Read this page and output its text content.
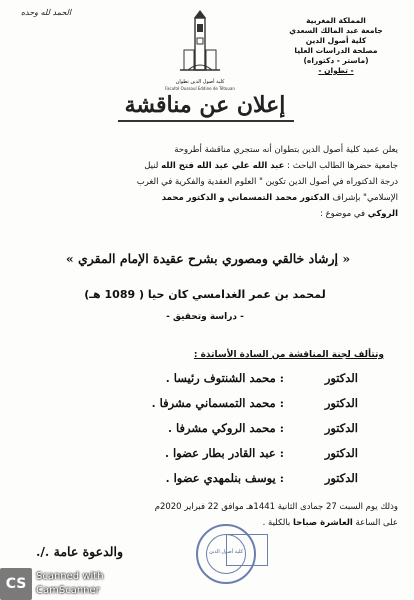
الحمد لله وحده
المملكة المغربية
جامعة عبد المالك السعدي
كلية أصول الدين
مصلحة الدراسات العليا
(ماستر - دكتوراه)
- تطوان -
كلية أصول الدين تطوان
Faculté Oussoul Eddine de Tétouan
إعلان عن مناقشة
يعلن عميد كلية أصول الدين بتطوان أنه ستجري مناقشة أطروحة
جامعية حضرها الطالب الباحث : عبد الله علي عبد الله فتح الله لنيل
درجة الدكتوراه في أصول الدين تكوين " العلوم العقدية والفكرية في الغرب
الإسلامي" بإشراف الدكتور محمد التمسماني و الدكتور محمد
الروكي في موضوع :
« إرشاد خالقي ومصوري بشرح عقيدة الإمام المقري »
لمحمد بن عمر الغدامسي كان حيا ( 1089 هـ)
- دراسة وتحقيق -
وتتألف لجنة المناقشة من السادة الأساتذة :
الدكتور : محمد الشنتوف رئيسا .
الدكتور : محمد التمسماني مشرفا .
الدكتور : محمد الروكي مشرفا .
الدكتور : عبد القادر بطار عضوا .
الدكتور : يوسف بنلمهدي عضوا .
وذلك يوم السبت 27 جمادى الثانية 1441هـ موافق 22 فبراير 2020م
على الساعة العاشرة صباحا بالكلية .
كلية أصول الدين
والدعوة عامة ./.
CS Scanned with
CamScanner
